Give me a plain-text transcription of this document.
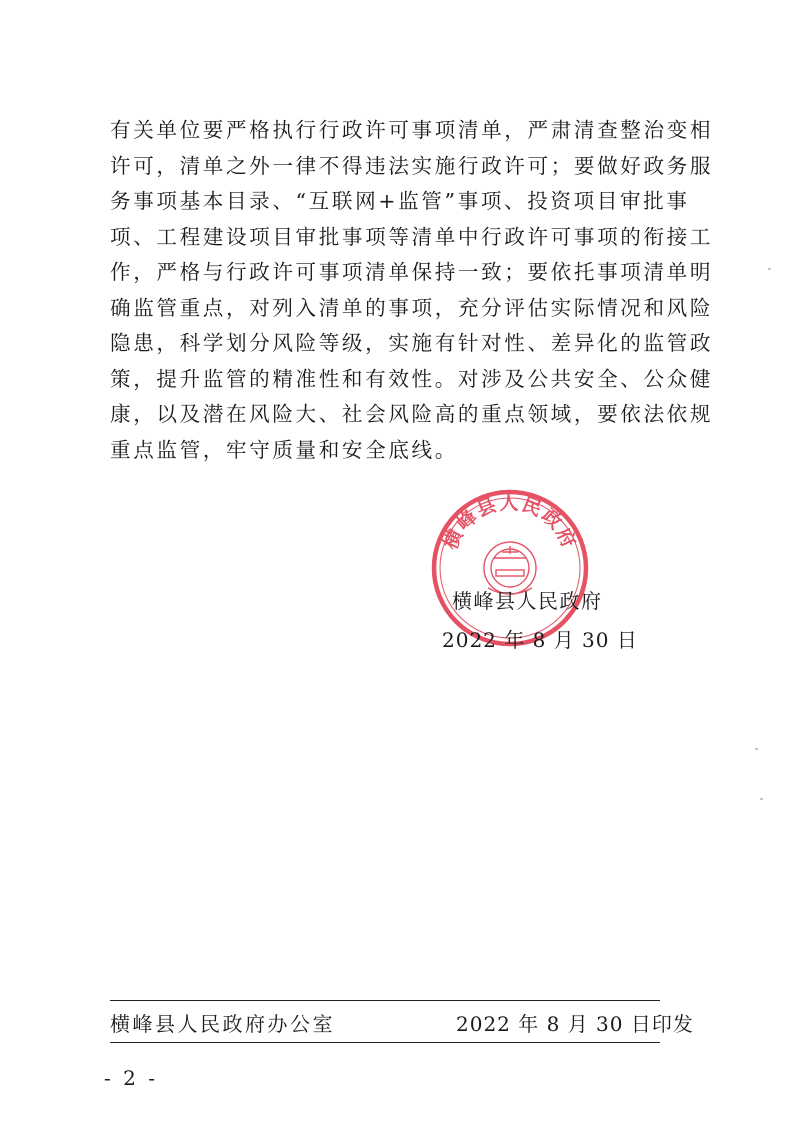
有关单位要严格执行行政许可事项清单，严肃清查整治变相
许可，清单之外一律不得违法实施行政许可；要做好政务服
务事项基本目录、“互联网+监管”事项、投资项目审批事
项、工程建设项目审批事项等清单中行政许可事项的衔接工
作，严格与行政许可事项清单保持一致；要依托事项清单明
确监管重点，对列入清单的事项，充分评估实际情况和风险
隐患，科学划分风险等级，实施有针对性、差异化的监管政
策，提升监管的精准性和有效性。对涉及公共安全、公众健
康，以及潜在风险大、社会风险高的重点领域，要依法依规
重点监管，牢守质量和安全底线。
横峰县人民政府
横峰县人民政府
2022 年 8 月 30 日
横峰县人民政府办公室	2022 年 8 月 30 日印发
- 2 -
